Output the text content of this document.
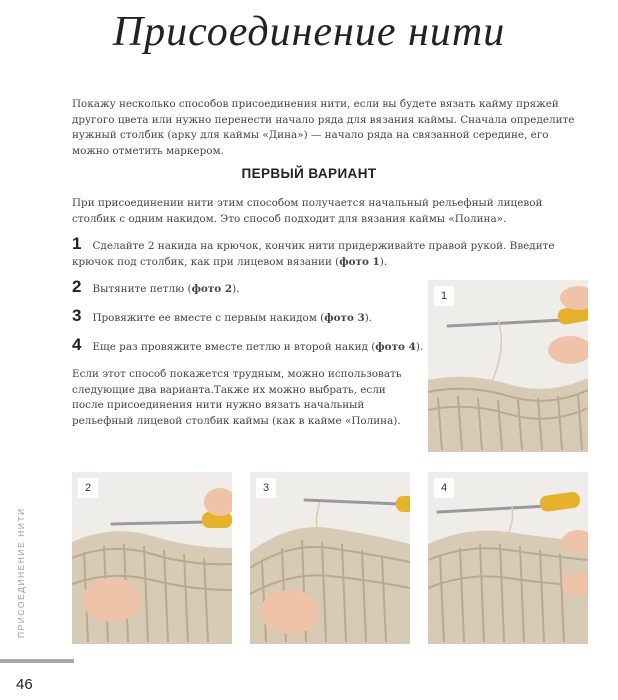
Присоединение нити
Покажу несколько способов присоединения нити, если вы будете вязать кайму пряжей другого цвета или нужно перенести начало ряда для вязания каймы. Сначала определите нужный столбик (арку для каймы «Дина») — начало ряда на связанной середине, его можно отметить маркером.
ПЕРВЫЙ ВАРИАНТ
При присоединении нити этим способом получается начальный рельефный лицевой столбик с одним накидом. Это способ подходит для вязания каймы «Полина».
1 Сделайте 2 накида на крючок, кончик нити придерживайте правой рукой. Введите крючок под столбик, как при лицевом вязании (фото 1).
2 Вытяните петлю (фото 2).
3 Провяжите ее вместе с первым накидом (фото 3).
4 Еще раз провяжите вместе петлю и второй накид (фото 4).
Если этот способ покажется трудным, можно использовать следующие два варианта.Также их можно выбрать, если после присоединения нити нужно вязать начальный рельефный лицевой столбик каймы (как в кайме «Полина).
1
2	3	4
ПРИСОЕДИНЕНИЕ НИТИ
46
